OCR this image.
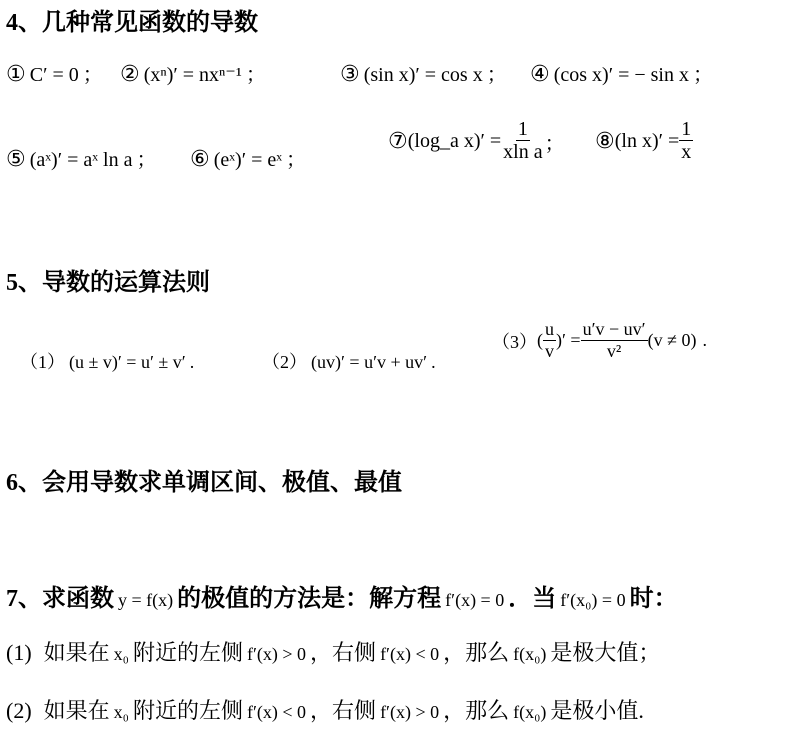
4、几种常见函数的导数
① C′ = 0 ； ② (xⁿ)′ = nxⁿ⁻¹ ；	③ (sin x)′ = cos x ； ④ (cos x)′ = − sin x ；
⑤ (aˣ)′ = aˣ ln a ； ⑥ (eˣ)′ = eˣ ；
⑦ (log_a $x)' = \frac{1}{\text{xln a}}$ ； ⑧ (ln $x)' = \frac{1}{x}$
5、导数的运算法则
（1） (u ± v)′ = u′ ± v′ .	（2） (uv)′ = u′v + uv′ .
（3） ( $\frac{u}{v}$ )′ = $\frac{u'v - uv'}{\text{v²}} (v \ne 0)$ .
6、会用导数求单调区间、极值、最值
7、求函数 y = f(x) 的极值的方法是：解方程 f′(x) = 0 ．当 f′(x₀) = 0 时：
(1) 如果在 x₀ 附近的左侧 f′(x) > 0 ，右侧 f′(x) < 0 ，那么 f(x₀) 是极大值；
(2) 如果在 x₀ 附近的左侧 f′(x) < 0 ，右侧 f′(x) > 0 ，那么 f(x₀) 是极小值.
